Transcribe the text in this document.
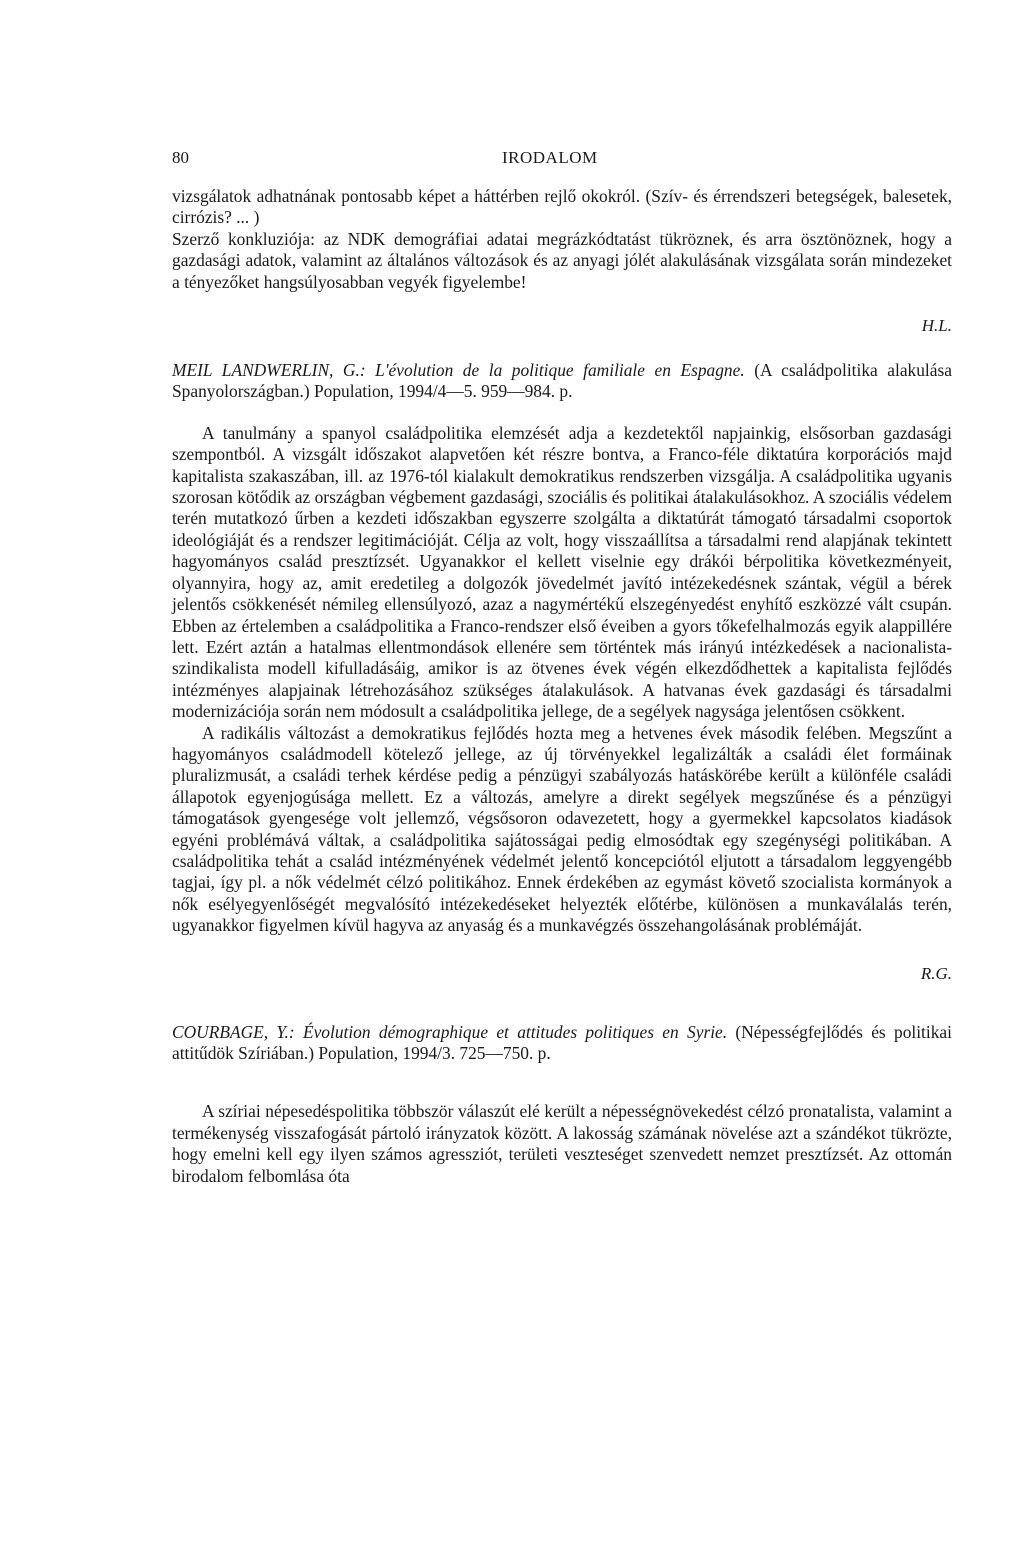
80	IRODALOM

vizsgálatok adhatnának pontosabb képet a háttérben rejlő okokról. (Szív- és érrendszeri betegségek, balesetek, cirrózis? ... )

Szerző konkluziója: az NDK demográfiai adatai megrázkódtatást tükröznek, és arra ösztönöznek, hogy a gazdasági adatok, valamint az általános változások és az anyagi jólét alakulásának vizsgálata során mindezeket a tényezőket hangsúlyosabban vegyék figyelembe!

H.L.

MEIL LANDWERLIN, G.: L'évolution de la politique familiale en Espagne. (A családpolitika alakulása Spanyolországban.) Population, 1994/4—5. 959—984. p.

A tanulmány a spanyol családpolitika elemzését adja a kezdetektől napjainkig, elsősorban gazdasági szempontból. A vizsgált időszakot alapvetően két részre bontva, a Franco-féle diktatúra korporációs majd kapitalista szakaszában, ill. az 1976-tól kialakult demokratikus rendszerben vizsgálja. A családpolitika ugyanis szorosan kötődik az országban végbement gazdasági, szociális és politikai átalakulásokhoz. A szociális védelem terén mutatkozó űrben a kezdeti időszakban egyszerre szolgálta a diktatúrát támogató társadalmi csoportok ideológiáját és a rendszer legitimációját. Célja az volt, hogy visszaállítsa a társadalmi rend alapjának tekintett hagyományos család presztízsét. Ugyanakkor el kellett viselnie egy drákói bérpolitika következményeit, olyannyira, hogy az, amit eredetileg a dolgozók jövedelmét javító intézekedésnek szántak, végül a bérek jelentős csökkenését némileg ellensúlyozó, azaz a nagymértékű elszegényedést enyhítő eszközzé vált csupán. Ebben az értelemben a családpolitika a Franco-rendszer első éveiben a gyors tőkefelhalmozás egyik alappillére lett. Ezért aztán a hatalmas ellentmondások ellenére sem történtek más irányú intézkedések a nacionalista-szindikalista modell kifulladásáig, amikor is az ötvenes évek végén elkezdődhettek a kapitalista fejlődés intézményes alapjainak létrehozásához szükséges átalakulások. A hatvanas évek gazdasági és társadalmi modernizációja során nem módosult a családpolitika jellege, de a segélyek nagysága jelentősen csökkent.

A radikális változást a demokratikus fejlődés hozta meg a hetvenes évek második felében. Megszűnt a hagyományos családmodell kötelező jellege, az új törvényekkel legalizálták a családi élet formáinak pluralizmusát, a családi terhek kérdése pedig a pénzügyi szabályozás hatáskörébe került a különféle családi állapotok egyenjogúsága mellett. Ez a változás, amelyre a direkt segélyek megszűnése és a pénzügyi támogatások gyengesége volt jellemző, végsősoron odavezetett, hogy a gyermekkel kapcsolatos kiadások egyéni problémává váltak, a családpolitika sajátosságai pedig elmosódtak egy szegénységi politikában. A családpolitika tehát a család intézményének védelmét jelentő koncepciótól eljutott a társadalom leggyengébb tagjai, így pl. a nők védelmét célzó politikához. Ennek érdekében az egymást követő szocialista kormányok a nők esélyegyenlőségét megvalósító intézekedéseket helyezték előtérbe, különösen a munkaválalás terén, ugyanakkor figyelmen kívül hagyva az anyaság és a munkavégzés összehangolásának problémáját.

R.G.

COURBAGE, Y.: Évolution démographique et attitudes politiques en Syrie. (Népességfejlődés és politikai attitűdök Szíriában.) Population, 1994/3. 725—750. p.

A szíriai népesedéspolitika többször válaszút elé került a népességnövekedést célzó pronatalista, valamint a termékenység visszafogását pártoló irányzatok között. A lakosság számának növelése azt a szándékot tükrözte, hogy emelni kell egy ilyen számos agressziót, területi veszteséget szenvedett nemzet presztízsét. Az ottomán birodalom felbomlása óta
